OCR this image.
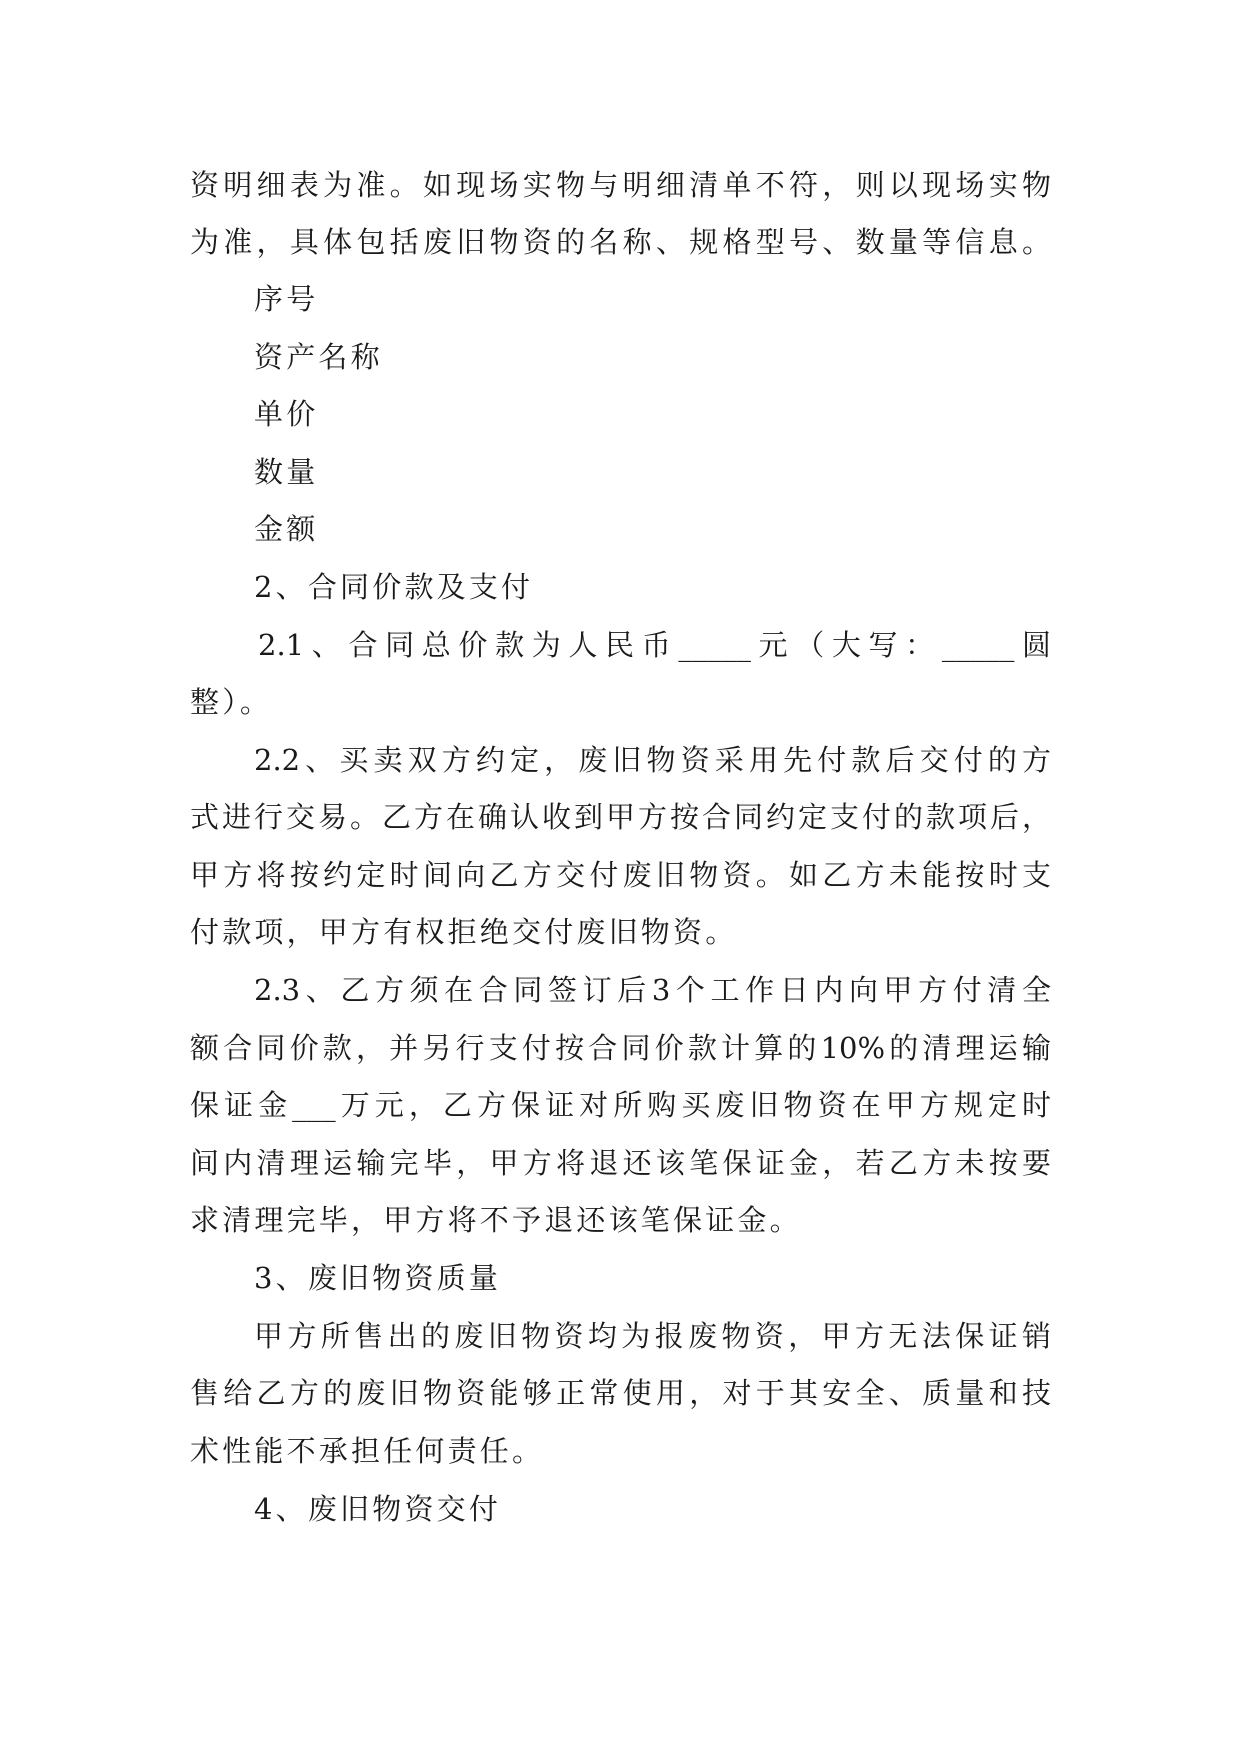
资明细表为准。如现场实物与明细清单不符，则以现场实物
为准，具体包括废旧物资的名称、规格型号、数量等信息。
序号
资产名称
单价
数量
金额
2、合同价款及支付
2.1、合同总价款为人民币_____元（大写：_____圆
整）。
2.2、买卖双方约定，废旧物资采用先付款后交付的方
式进行交易。乙方在确认收到甲方按合同约定支付的款项后，
甲方将按约定时间向乙方交付废旧物资。如乙方未能按时支
付款项，甲方有权拒绝交付废旧物资。
2.3、乙方须在合同签订后3个工作日内向甲方付清全
额合同价款，并另行支付按合同价款计算的10%的清理运输
保证金___万元，乙方保证对所购买废旧物资在甲方规定时
间内清理运输完毕，甲方将退还该笔保证金，若乙方未按要
求清理完毕，甲方将不予退还该笔保证金。
3、废旧物资质量
甲方所售出的废旧物资均为报废物资，甲方无法保证销
售给乙方的废旧物资能够正常使用，对于其安全、质量和技
术性能不承担任何责任。
4、废旧物资交付
